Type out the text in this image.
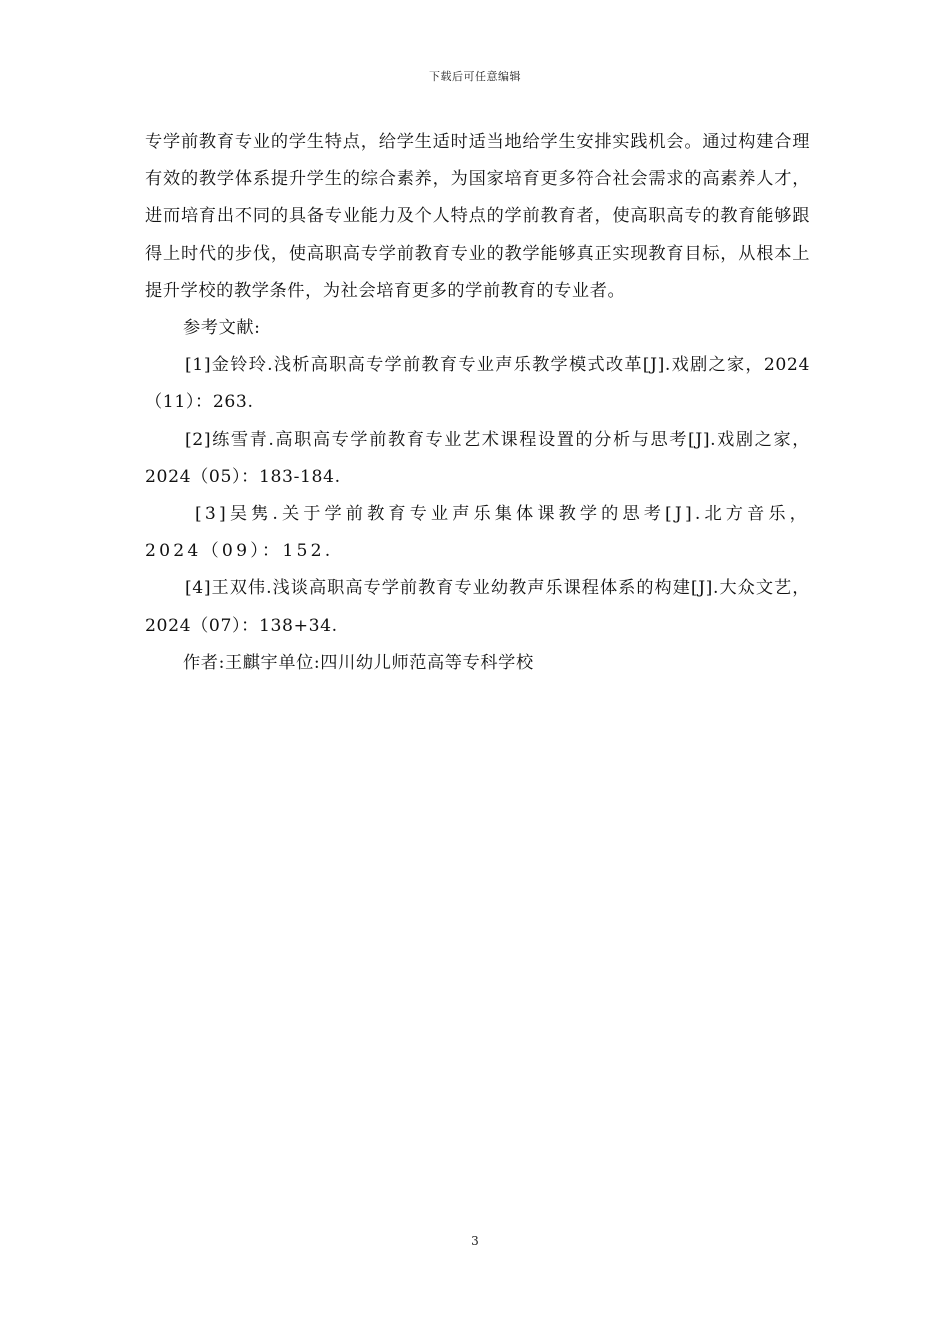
下载后可任意编辑

专学前教育专业的学生特点，给学生适时适当地给学生安排实践机会。通过构建合理有效的教学体系提升学生的综合素养，为国家培育更多符合社会需求的高素养人才，进而培育出不同的具备专业能力及个人特点的学前教育者，使高职高专的教育能够跟得上时代的步伐，使高职高专学前教育专业的教学能够真正实现教育目标，从根本上提升学校的教学条件，为社会培育更多的学前教育的专业者。

参考文献:

[1]金铃玲.浅析高职高专学前教育专业声乐教学模式改革[J].戏剧之家，2024（11）：263.

[2]练雪青.高职高专学前教育专业艺术课程设置的分析与思考[J].戏剧之家，2024（05）：183-184.

[3]吴隽.关于学前教育专业声乐集体课教学的思考[J].北方音乐，2024（09）：152.

[4]王双伟.浅谈高职高专学前教育专业幼教声乐课程体系的构建[J].大众文艺，2024（07）：138+34.

作者:王麒宇单位:四川幼儿师范高等专科学校

3
